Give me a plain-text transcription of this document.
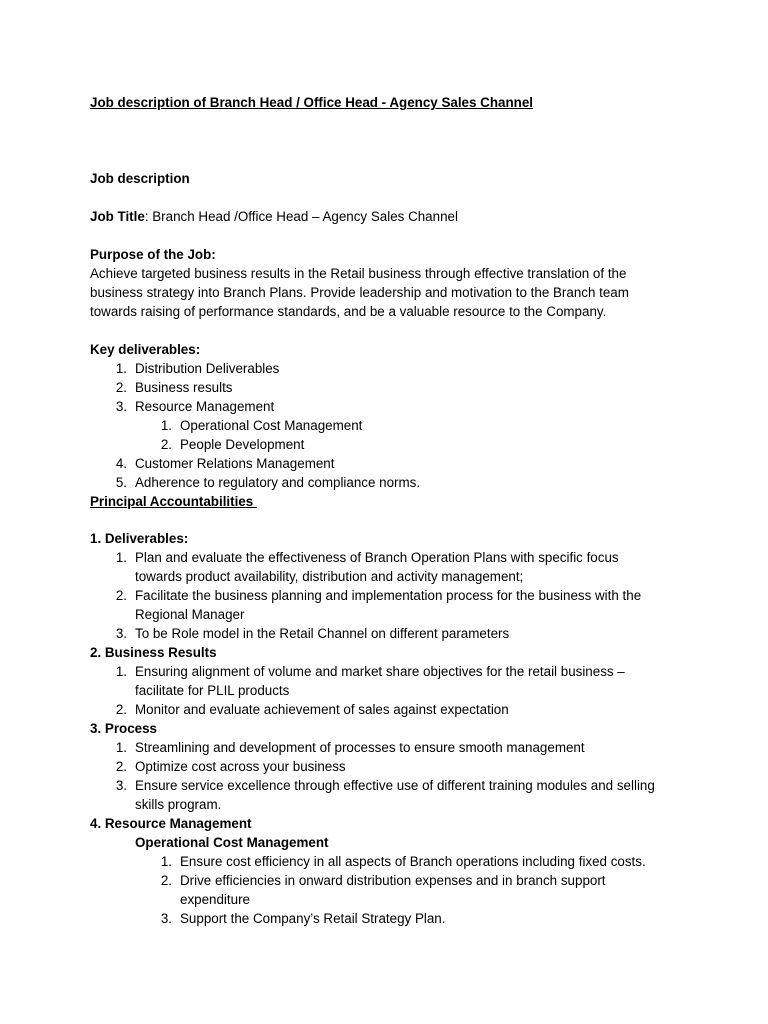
Job description of Branch Head / Office Head - Agency Sales Channel
Job description
Job Title: Branch Head /Office Head – Agency Sales Channel
Purpose of the Job:
Achieve targeted business results in the Retail business through effective translation of the
business strategy into Branch Plans. Provide leadership and motivation to the Branch team
towards raising of performance standards, and be a valuable resource to the Company.
Key deliverables:
1. Distribution Deliverables
2. Business results
3. Resource Management
1. Operational Cost Management
2. People Development
4. Customer Relations Management
5. Adherence to regulatory and compliance norms.
Principal Accountabilities
1. Deliverables:
1. Plan and evaluate the effectiveness of Branch Operation Plans with specific focus
towards product availability, distribution and activity management;
2. Facilitate the business planning and implementation process for the business with the
Regional Manager
3. To be Role model in the Retail Channel on different parameters
2. Business Results
1. Ensuring alignment of volume and market share objectives for the retail business –
facilitate for PLIL products
2. Monitor and evaluate achievement of sales against expectation
3. Process
1. Streamlining and development of processes to ensure smooth management
2. Optimize cost across your business
3. Ensure service excellence through effective use of different training modules and selling
skills program.
4. Resource Management
Operational Cost Management
1. Ensure cost efficiency in all aspects of Branch operations including fixed costs.
2. Drive efficiencies in onward distribution expenses and in branch support
expenditure
3. Support the Company’s Retail Strategy Plan.
